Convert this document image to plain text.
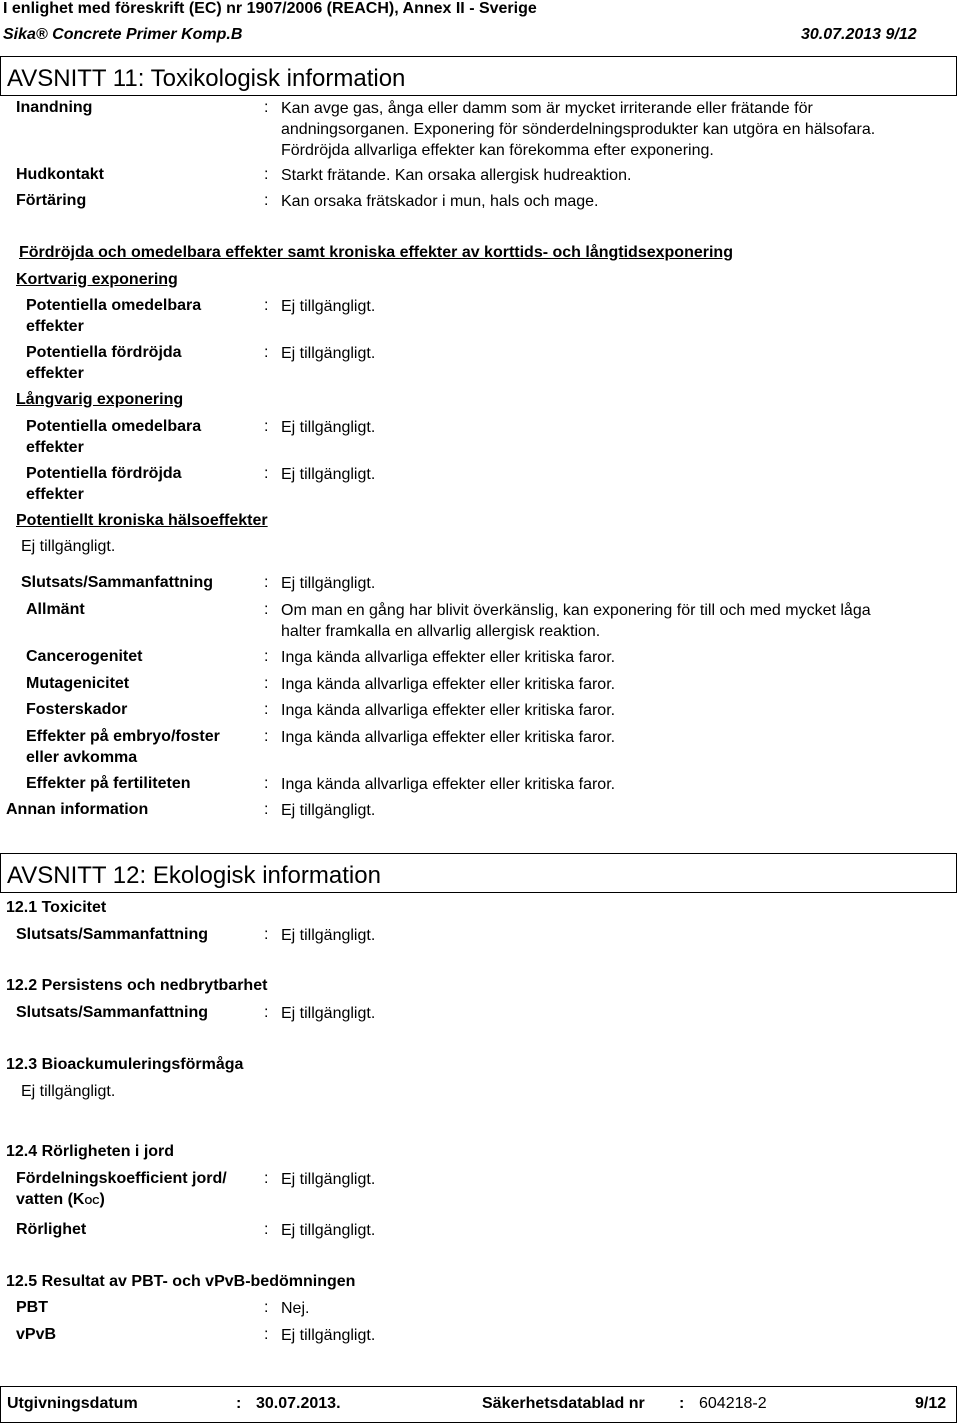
I enlighet med föreskrift (EC) nr 1907/2006 (REACH), Annex II - Sverige
Sika® Concrete Primer Komp.B	30.07.2013 9/12
AVSNITT 11: Toxikologisk information
Inandning	: Kan avge gas, ånga eller damm som är mycket irriterande eller frätande för
andningsorganen. Exponering för sönderdelningsprodukter kan utgöra en hälsofara.
Fördröjda allvarliga effekter kan förekomma efter exponering.
Hudkontakt	: Starkt frätande. Kan orsaka allergisk hudreaktion.
Förtäring	: Kan orsaka frätskador i mun, hals och mage.
Fördröjda och omedelbara effekter samt kroniska effekter av korttids- och långtidsexponering
Kortvarig exponering
Potentiella omedelbara
effekter
: Ej tillgängligt.
Potentiella fördröjda
effekter
: Ej tillgängligt.
Långvarig exponering
Potentiella omedelbara
effekter
: Ej tillgängligt.
Potentiella fördröjda
effekter
: Ej tillgängligt.
Potentiellt kroniska hälsoeffekter
Ej tillgängligt.
Slutsats/Sammanfattning	: Ej tillgängligt.
Allmänt	: Om man en gång har blivit överkänslig, kan exponering för till och med mycket låga
halter framkalla en allvarlig allergisk reaktion.
Cancerogenitet	: Inga kända allvarliga effekter eller kritiska faror.
Mutagenicitet	: Inga kända allvarliga effekter eller kritiska faror.
Fosterskador	: Inga kända allvarliga effekter eller kritiska faror.
Effekter på embryo/foster
eller avkomma
: Inga kända allvarliga effekter eller kritiska faror.
Effekter på fertiliteten	: Inga kända allvarliga effekter eller kritiska faror.
Annan information	: Ej tillgängligt.
AVSNITT 12: Ekologisk information
12.1 Toxicitet
Slutsats/Sammanfattning	: Ej tillgängligt.
12.2 Persistens och nedbrytbarhet
Slutsats/Sammanfattning	: Ej tillgängligt.
12.3 Bioackumuleringsförmåga
Ej tillgängligt.
12.4 Rörligheten i jord
Fördelningskoefficient jord/
vatten (KOC)
: Ej tillgängligt.
Rörlighet	: Ej tillgängligt.
12.5 Resultat av PBT- och vPvB-bedömningen
PBT	: Nej.
vPvB	: Ej tillgängligt.
Utgivningsdatum	: 30.07.2013.	Säkerhetsdatablad nr : 604218-2	9/12
